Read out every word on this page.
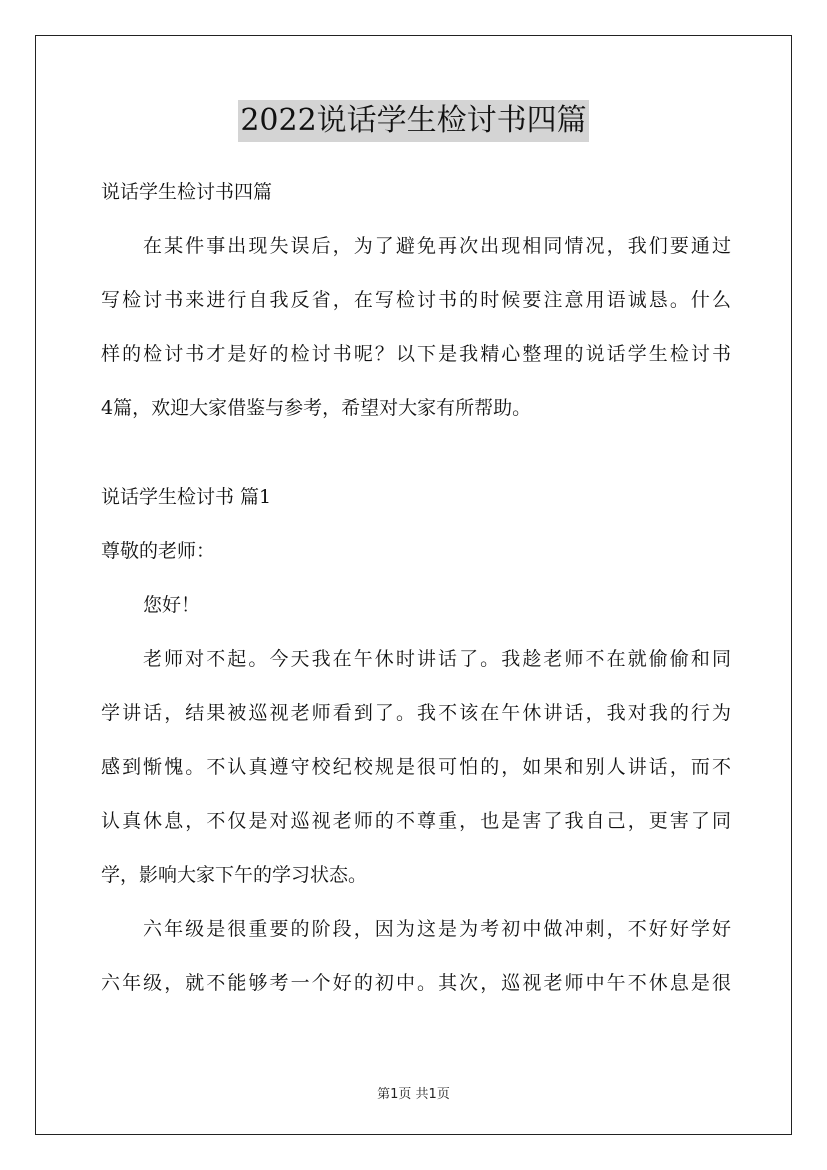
2022说话学生检讨书四篇
说话学生检讨书四篇
在某件事出现失误后，为了避免再次出现相同情况，我们要通过
写检讨书来进行自我反省，在写检讨书的时候要注意用语诚恳。什么
样的检讨书才是好的检讨书呢？以下是我精心整理的说话学生检讨书
4篇，欢迎大家借鉴与参考，希望对大家有所帮助。
说话学生检讨书 篇1
尊敬的老师：
您好！
老师对不起。今天我在午休时讲话了。我趁老师不在就偷偷和同
学讲话，结果被巡视老师看到了。我不该在午休讲话，我对我的行为
感到惭愧。不认真遵守校纪校规是很可怕的，如果和别人讲话，而不
认真休息，不仅是对巡视老师的不尊重，也是害了我自己，更害了同
学，影响大家下午的学习状态。
六年级是很重要的阶段，因为这是为考初中做冲刺，不好好学好
六年级，就不能够考一个好的初中。其次，巡视老师中午不休息是很
第1页 共1页
